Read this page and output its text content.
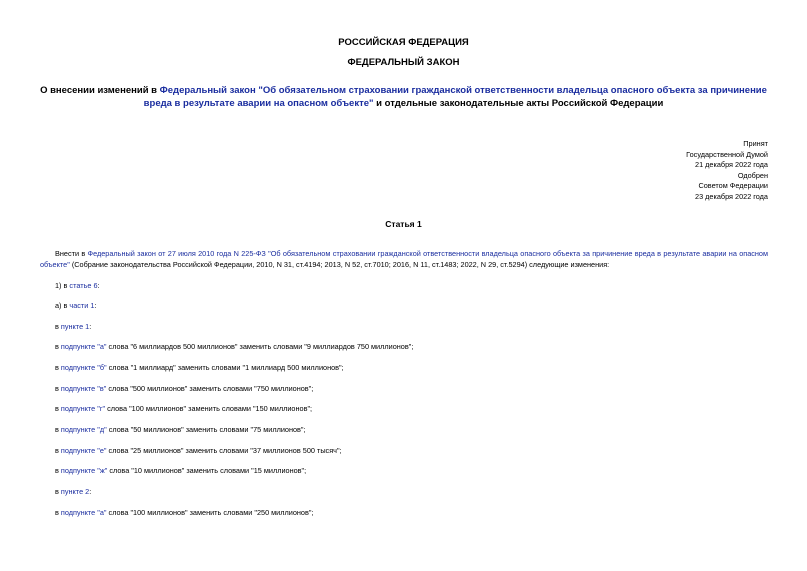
РОССИЙСКАЯ ФЕДЕРАЦИЯ
ФЕДЕРАЛЬНЫЙ ЗАКОН
О внесении изменений в Федеральный закон "Об обязательном страховании гражданской ответственности владельца опасного объекта за причинение вреда в результате аварии на опасном объекте" и отдельные законодательные акты Российской Федерации
Принят
Государственной Думой
21 декабря 2022 года
Одобрен
Советом Федерации
23 декабря 2022 года
Статья 1
Внести в Федеральный закон от 27 июля 2010 года N 225-ФЗ "Об обязательном страховании гражданской ответственности владельца опасного объекта за причинение вреда в результате аварии на опасном объекте" (Собрание законодательства Российской Федерации, 2010, N 31, ст.4194; 2013, N 52, ст.7010; 2016, N 11, ст.1483; 2022, N 29, ст.5294) следующие изменения:
1) в статье 6:
а) в части 1:
в пункте 1:
в подпункте "а" слова "6 миллиардов 500 миллионов" заменить словами "9 миллиардов 750 миллионов";
в подпункте "б" слова "1 миллиард" заменить словами "1 миллиард 500 миллионов";
в подпункте "в" слова "500 миллионов" заменить словами "750 миллионов";
в подпункте "г" слова "100 миллионов" заменить словами "150 миллионов";
в подпункте "д" слова "50 миллионов" заменить словами "75 миллионов";
в подпункте "е" слова "25 миллионов" заменить словами "37 миллионов 500 тысяч";
в подпункте "ж" слова "10 миллионов" заменить словами "15 миллионов";
в пункте 2:
в подпункте "а" слова "100 миллионов" заменить словами "250 миллионов";
